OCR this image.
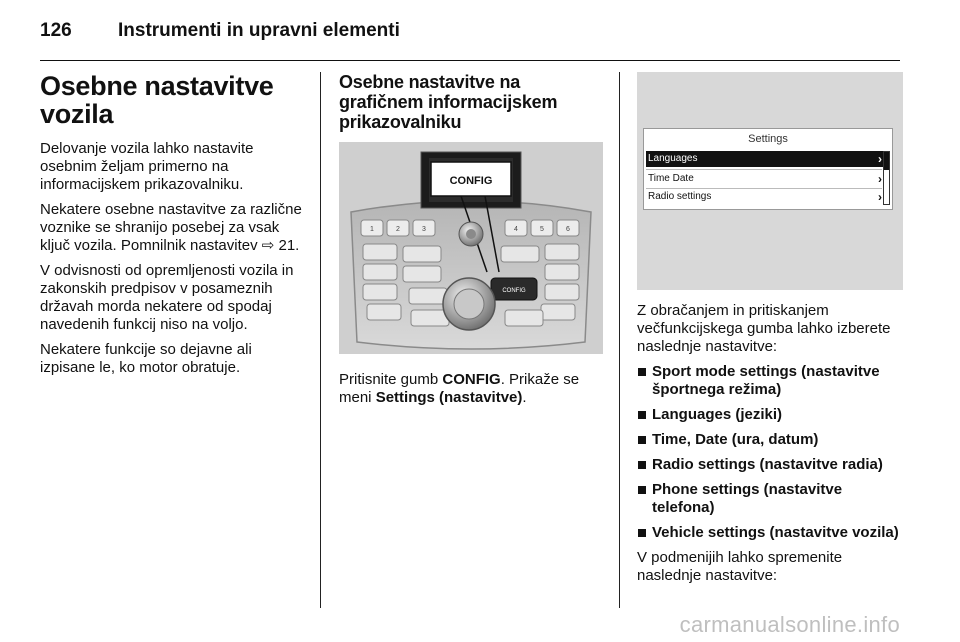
126 Instrumenti in upravni elementi
Osebne nastavitve vozila

Delovanje vozila lahko nastavite osebnim željam primerno na informacijskem prikazovalniku.

Nekatere osebne nastavitve za različne voznike se shranijo posebej za vsak ključ vozila. Pomnilnik nastavitev ⇨ 21.

V odvisnosti od opremljenosti vozila in zakonskih predpisov v posameznih državah morda nekatere od spodaj navedenih funkcij niso na voljo.

Nekatere funkcije so dejavne ali izpisane le, ko motor obratuje.

Osebne nastavitve na grafičnem informacijskem prikazovalniku
CONFIG
1	2	3	4	5	6
CONFIG

Pritisnite gumb CONFIG. Prikaže se meni Settings (nastavitve).

Settings
Languages	›
Time Date	›
Radio settings	›

Z obračanjem in pritiskanjem večfunkcijskega gumba lahko izberete naslednje nastavitve:

Sport mode settings (nastavitve športnega režima)
Languages (jeziki)
Time, Date (ura, datum)
Radio settings (nastavitve radia)
Phone settings (nastavitve telefona)
Vehicle settings (nastavitve vozila)

V podmenijih lahko spremenite naslednje nastavitve:

carmanualsonline.info
